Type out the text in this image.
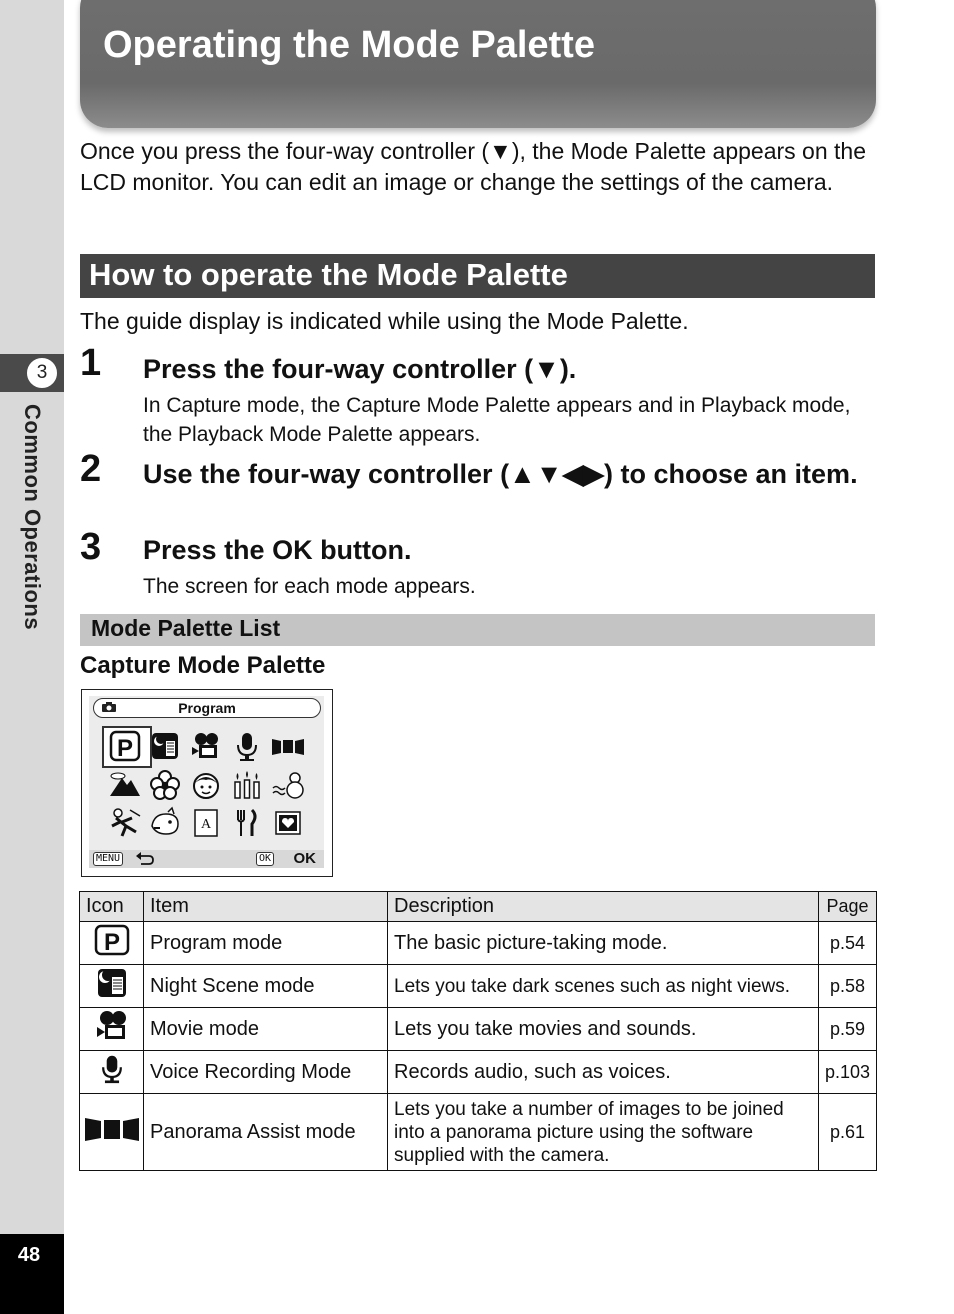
3
Common Operations
48
Operating the Mode Palette
Once you press the four-way controller (▼), the Mode Palette appears on the LCD monitor. You can edit an image or change the settings of the camera.
How to operate the Mode Palette
The guide display is indicated while using the Mode Palette.
1 Press the four-way controller (▼).
In Capture mode, the Capture Mode Palette appears and in Playback mode, the Playback Mode Palette appears.
2 Use the four-way controller (▲▼◀▶) to choose an item.
3 Press the OK button.
The screen for each mode appears.
Mode Palette List
Capture Mode Palette
Program
P
A
MENU	OK OK
Icon	Item	Description	Page

P	Program mode	The basic picture-taking mode.	p.54
	Night Scene mode	Lets you take dark scenes such as night views.	p.58
	Movie mode	Lets you take movies and sounds.	p.59
	Voice Recording Mode	Records audio, such as voices.	p.103
	Panorama Assist mode	Lets you take a number of images to be joined into a panorama picture using the software supplied with the camera.	p.61
